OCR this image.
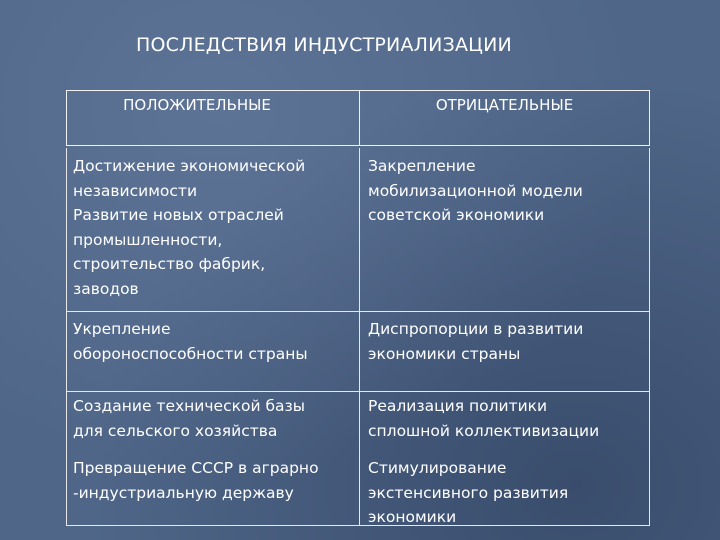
ПОСЛЕДСТВИЯ ИНДУСТРИАЛИЗАЦИИ
ПОЛОЖИТЕЛЬНЫЕ	ОТРИЦАТЕЛЬНЫЕ
Достижение экономической
независимости
Развитие новых отраслей
промышленности,
строительство фабрик,
заводов
Закрепление
мобилизационной модели
советской экономики
Укрепление
обороноспособности страны
Диспропорции в развитии
экономики страны
Создание технической базы
для сельского хозяйства
Реализация политики
сплошной коллективизации
Превращение СССР в аграрно
-индустриальную державу
Стимулирование
экстенсивного развития
экономики
